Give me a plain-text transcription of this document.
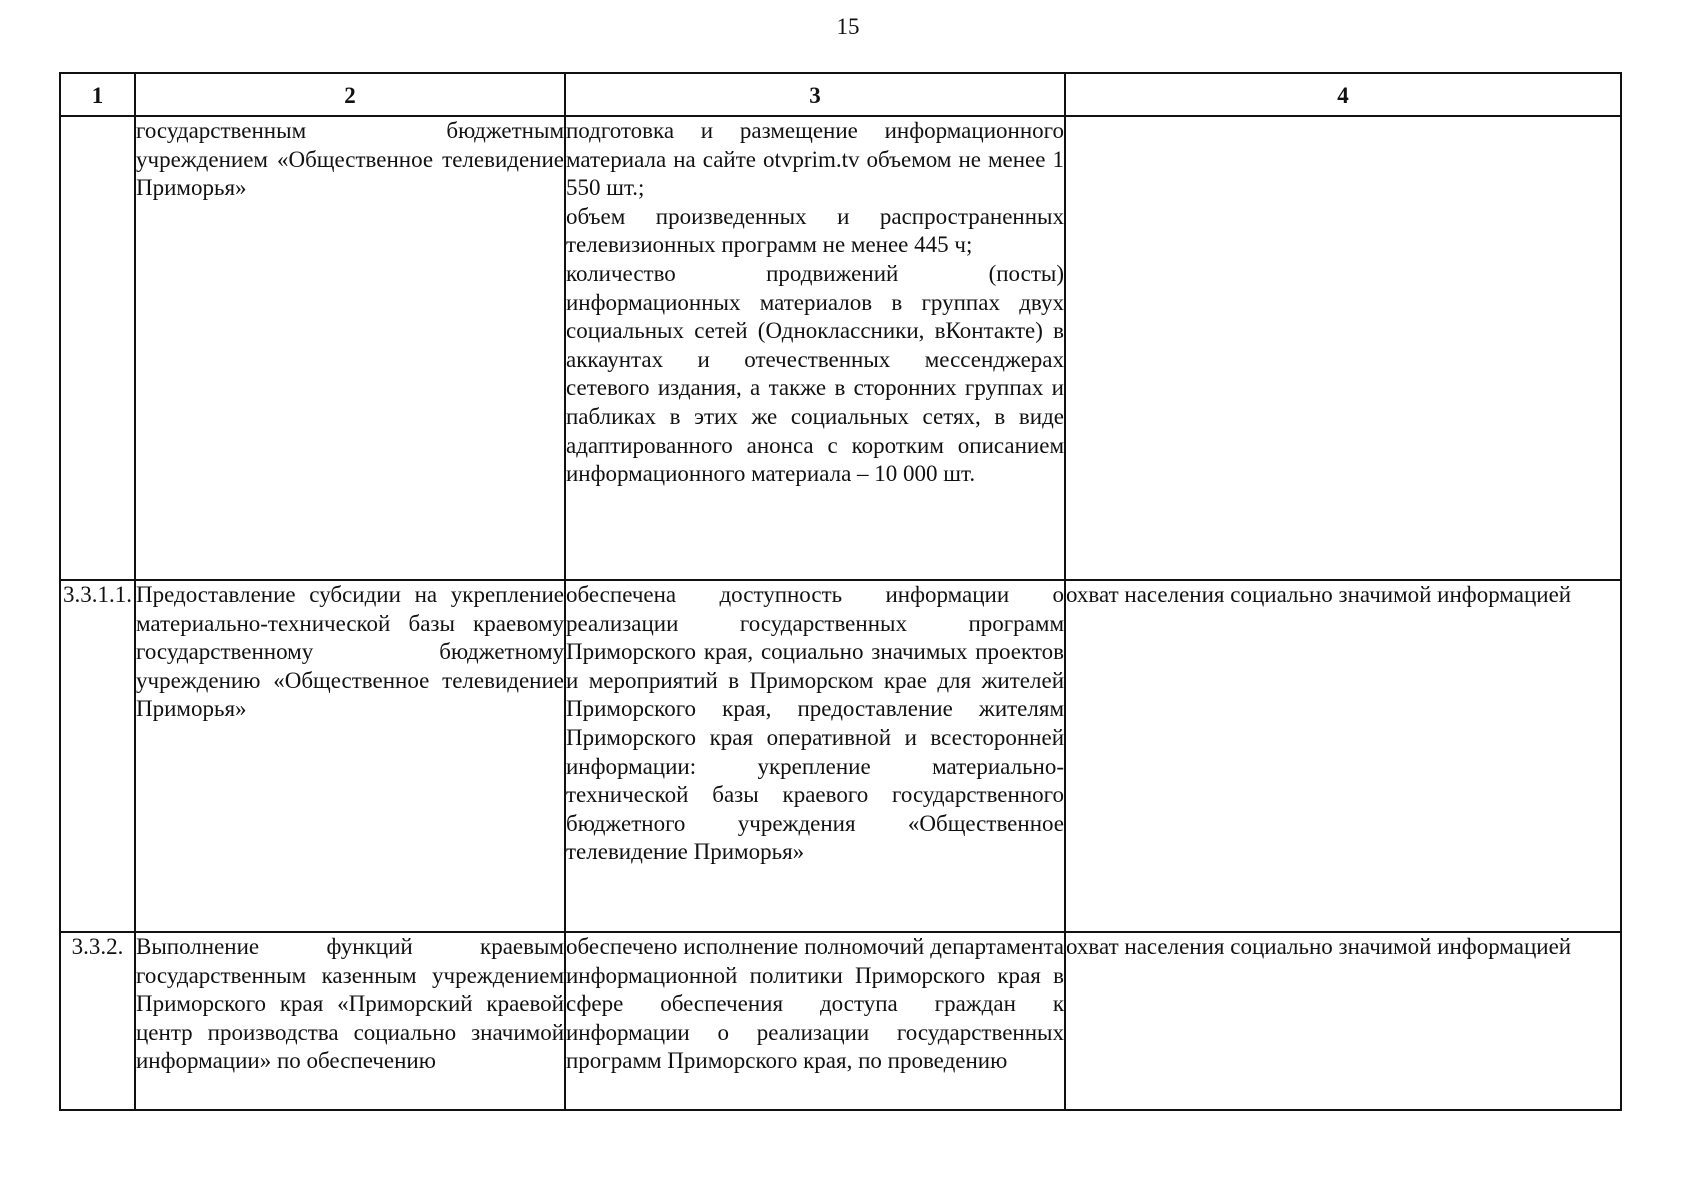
15
1	2	3	4
	государственным бюджетным учреждением «Общественное телевидение Приморья»	подготовка и размещение информационного материала на сайте otvprim.tv объемом не менее 1 550 шт.;
объем произведенных и распространенных телевизионных программ не менее 445 ч;
количество продвижений (посты) информационных материалов в группах двух социальных сетей (Одноклассники, вКонтакте) в аккаунтах и отечественных мессенджерах сетевого издания, а также в сторонних группах и пабликах в этих же социальных сетях, в виде адаптированного анонса с коротким описанием информационного материала – 10 000 шт.	

3.3.1.1.	Предоставление субсидии на укрепление материально-технической базы краевому государственному бюджетному учреждению «Общественное телевидение Приморья»	обеспечена доступность информации о реализации государственных программ Приморского края, социально значимых проектов и мероприятий в Приморском крае для жителей Приморского края, предоставление жителям Приморского края оперативной и всесторонней информации: укрепление материально-технической базы краевого государственного бюджетного учреждения «Общественное телевидение Приморья»	охват населения социально значимой информацией
3.3.2.	Выполнение функций краевым государственным казенным учреждением Приморского края «Приморский краевой центр производства социально значимой информации» по обеспечению	обеспечено исполнение полномочий департамента информационной политики Приморского края в сфере обеспечения доступа граждан к информации о реализации государственных программ Приморского края, по проведению	охват населения социально значимой информацией
